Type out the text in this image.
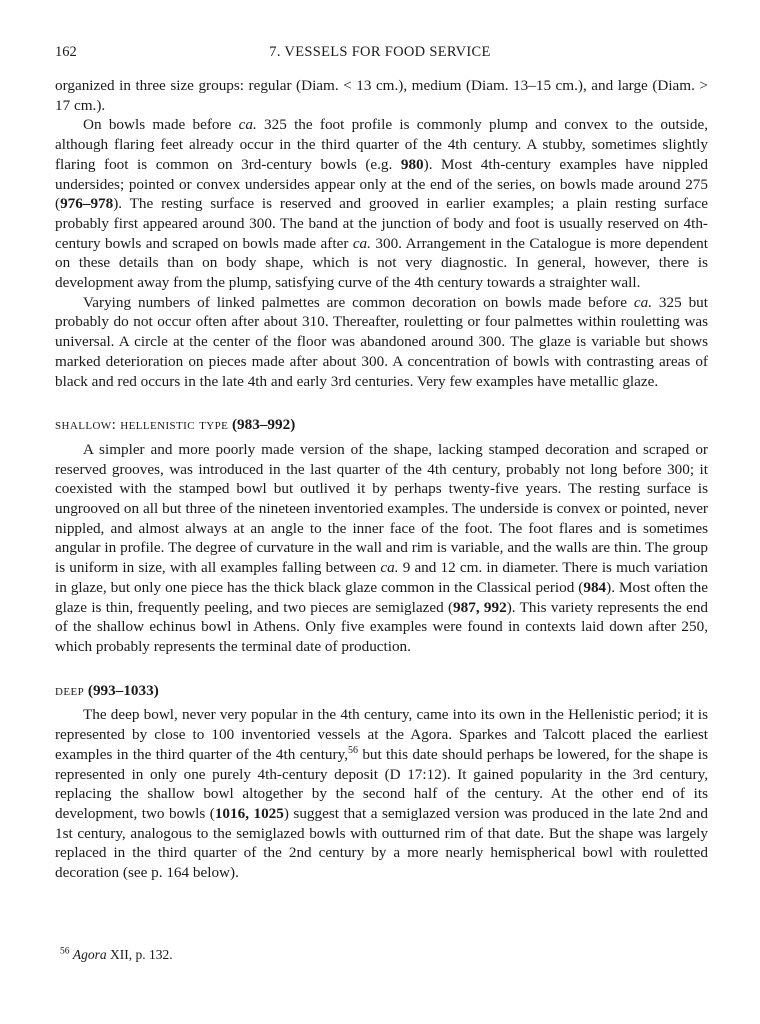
162	7. VESSELS FOR FOOD SERVICE

organized in three size groups: regular (Diam. < 13 cm.), medium (Diam. 13–15 cm.), and large (Diam. > 17 cm.).

On bowls made before ca. 325 the foot profile is commonly plump and convex to the outside, although flaring feet already occur in the third quarter of the 4th century. A stubby, sometimes slightly flaring foot is common on 3rd-century bowls (e.g. 980). Most 4th-century examples have nippled undersides; pointed or convex undersides appear only at the end of the series, on bowls made around 275 (976–978). The resting surface is reserved and grooved in earlier examples; a plain resting surface probably first appeared around 300. The band at the junction of body and foot is usually reserved on 4th-century bowls and scraped on bowls made after ca. 300. Arrangement in the Catalogue is more dependent on these details than on body shape, which is not very diagnostic. In general, however, there is development away from the plump, satisfying curve of the 4th century towards a straighter wall.

Varying numbers of linked palmettes are common decoration on bowls made before ca. 325 but probably do not occur often after about 310. Thereafter, rouletting or four palmettes within rouletting was universal. A circle at the center of the floor was abandoned around 300. The glaze is variable but shows marked deterioration on pieces made after about 300. A concentration of bowls with contrasting areas of black and red occurs in the late 4th and early 3rd centuries. Very few examples have metallic glaze.

shallow: hellenistic type (983–992)

A simpler and more poorly made version of the shape, lacking stamped decoration and scraped or reserved grooves, was introduced in the last quarter of the 4th century, probably not long before 300; it coexisted with the stamped bowl but outlived it by perhaps twenty-five years. The resting surface is ungrooved on all but three of the nineteen inventoried examples. The underside is convex or pointed, never nippled, and almost always at an angle to the inner face of the foot. The foot flares and is sometimes angular in profile. The degree of curvature in the wall and rim is variable, and the walls are thin. The group is uniform in size, with all examples falling between ca. 9 and 12 cm. in diameter. There is much variation in glaze, but only one piece has the thick black glaze common in the Classical period (984). Most often the glaze is thin, frequently peeling, and two pieces are semiglazed (987, 992). This variety represents the end of the shallow echinus bowl in Athens. Only five examples were found in contexts laid down after 250, which probably represents the terminal date of production.

deep (993–1033)

The deep bowl, never very popular in the 4th century, came into its own in the Hellenistic period; it is represented by close to 100 inventoried vessels at the Agora. Sparkes and Talcott placed the earliest examples in the third quarter of the 4th century,$^{56}$ but this date should perhaps be lowered, for the shape is represented in only one purely 4th-century deposit (D 17:12). It gained popularity in the 3rd century, replacing the shallow bowl altogether by the second half of the century. At the other end of its development, two bowls (1016, 1025) suggest that a semiglazed version was produced in the late 2nd and 1st century, analogous to the semiglazed bowls with outturned rim of that date. But the shape was largely replaced in the third quarter of the 2nd century by a more nearly hemispherical bowl with rouletted decoration (see p. 164 below).

$^{56}$ Agora XII, p. 132.
